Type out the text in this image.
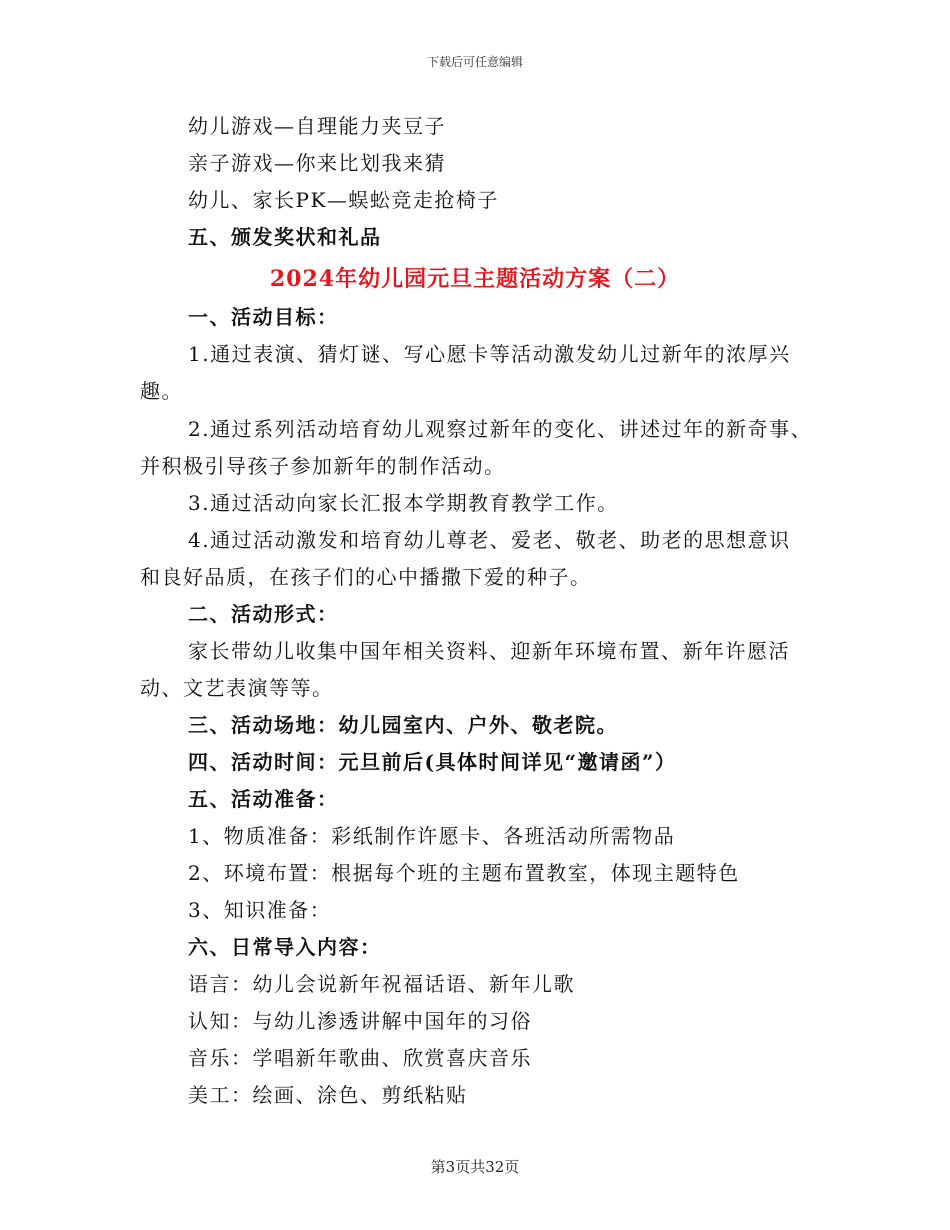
下载后可任意编辑
幼儿游戏—自理能力夹豆子
亲子游戏—你来比划我来猜
幼儿、家长PK—蜈蚣竞走抢椅子
五、颁发奖状和礼品
2024年幼儿园元旦主题活动方案（二）
一、活动目标：
1.通过表演、猜灯谜、写心愿卡等活动激发幼儿过新年的浓厚兴
趣。
2.通过系列活动培育幼儿观察过新年的变化、讲述过年的新奇事、
并积极引导孩子参加新年的制作活动。
3.通过活动向家长汇报本学期教育教学工作。
4.通过活动激发和培育幼儿尊老、爱老、敬老、助老的思想意识
和良好品质，在孩子们的心中播撒下爱的种子。
二、活动形式：
家长带幼儿收集中国年相关资料、迎新年环境布置、新年许愿活
动、文艺表演等等。
三、活动场地：幼儿园室内、户外、敬老院。
四、活动时间：元旦前后(具体时间详见“邀请函”）
五、活动准备：
1、物质准备：彩纸制作许愿卡、各班活动所需物品
2、环境布置：根据每个班的主题布置教室，体现主题特色
3、知识准备：
六、日常导入内容：
语言：幼儿会说新年祝福话语、新年儿歌
认知：与幼儿渗透讲解中国年的习俗
音乐：学唱新年歌曲、欣赏喜庆音乐
美工：绘画、涂色、剪纸粘贴
第3页共32页
